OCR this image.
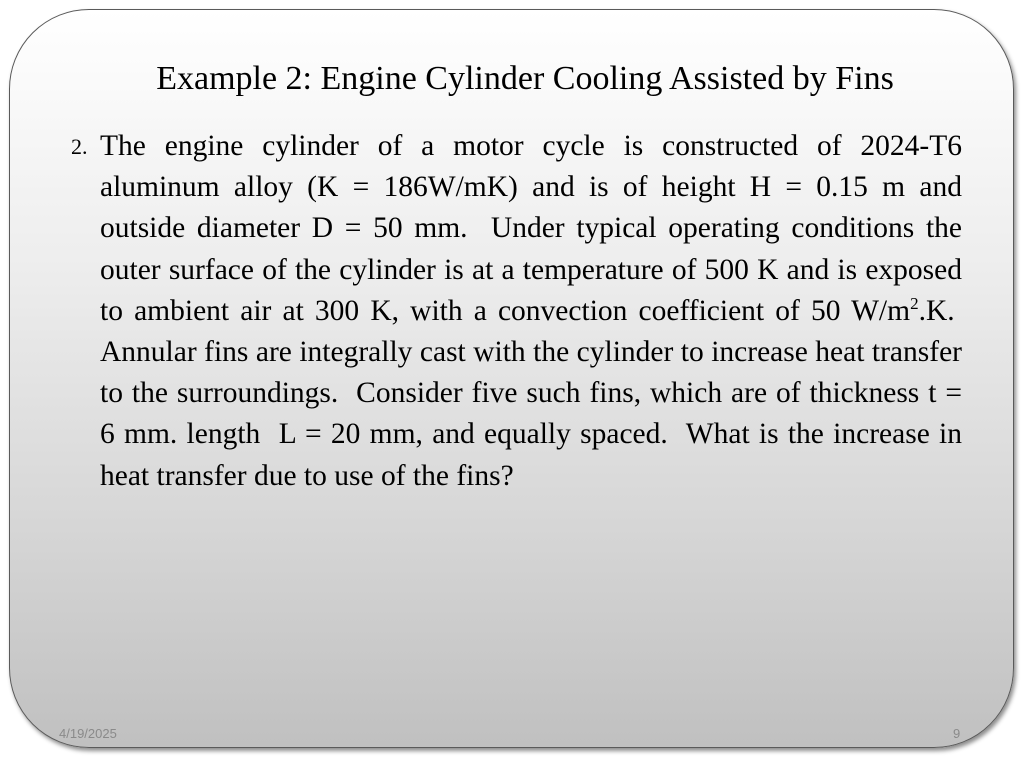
Example 2: Engine Cylinder Cooling Assisted by Fins
2. The engine cylinder of a motor cycle is constructed of 2024-T6 aluminum alloy (K = 186W/mK) and is of height H = 0.15 m and outside diameter D = 50 mm.  Under typical operating conditions the outer surface of the cylinder is at a temperature of 500 K and is exposed to ambient air at 300 K, with a convection coefficient of 50 $W/m^2.K$.  Annular fins are integrally cast with the cylinder to increase heat transfer to the surroundings.  Consider five such fins, which are of thickness t = 6 mm. length  L = 20 mm, and equally spaced.  What is the increase in heat transfer due to use of the fins?
4/19/2025	9
